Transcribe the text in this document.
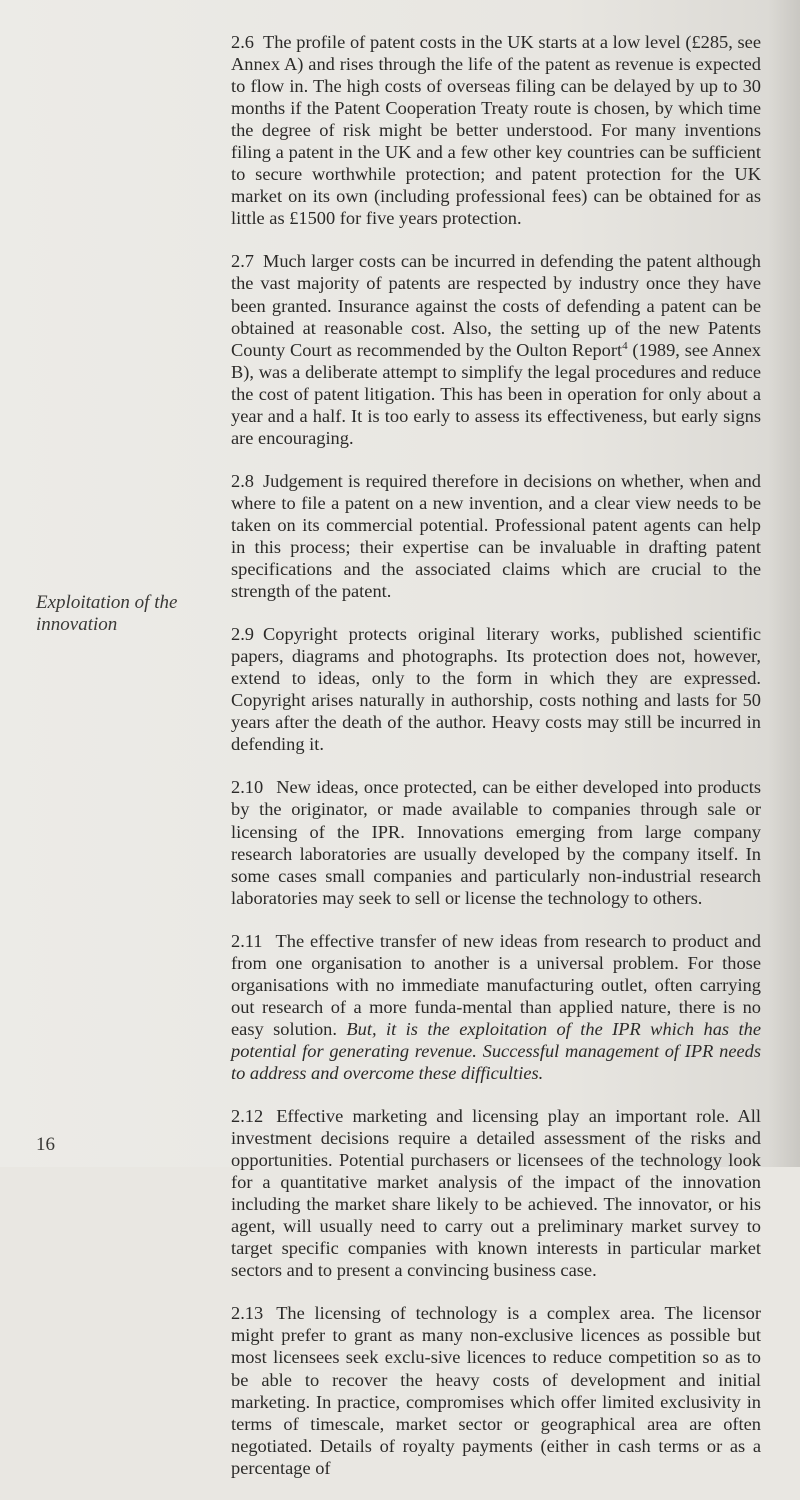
Exploitation of the
innovation

2.6 The profile of patent costs in the UK starts at a low level (£285, see Annex A) and rises through the life of the patent as revenue is expected to flow in. The high costs of overseas filing can be delayed by up to 30 months if the Patent Cooperation Treaty route is chosen, by which time the degree of risk might be better understood. For many inventions filing a patent in the UK and a few other key countries can be sufficient to secure worthwhile protection; and patent protection for the UK market on its own (including professional fees) can be obtained for as little as £1500 for five years protection.

2.7 Much larger costs can be incurred in defending the patent although the vast majority of patents are respected by industry once they have been granted. Insurance against the costs of defending a patent can be obtained at reasonable cost. Also, the setting up of the new Patents County Court as recommended by the Oulton Report$^4$ (1989, see Annex B), was a deliberate attempt to simplify the legal procedures and reduce the cost of patent litigation. This has been in operation for only about a year and a half. It is too early to assess its effectiveness, but early signs are encouraging.

2.8 Judgement is required therefore in decisions on whether, when and where to file a patent on a new invention, and a clear view needs to be taken on its commercial potential. Professional patent agents can help in this process; their expertise can be invaluable in drafting patent specifications and the associated claims which are crucial to the strength of the patent.

2.9 Copyright protects original literary works, published scientific papers, diagrams and photographs. Its protection does not, however, extend to ideas, only to the form in which they are expressed. Copyright arises naturally in authorship, costs nothing and lasts for 50 years after the death of the author. Heavy costs may still be incurred in defending it.

2.10 New ideas, once protected, can be either developed into products by the originator, or made available to companies through sale or licensing of the IPR. Innovations emerging from large company research laboratories are usually developed by the company itself. In some cases small companies and particularly non-industrial research laboratories may seek to sell or license the technology to others.

2.11 The effective transfer of new ideas from research to product and from one organisation to another is a universal problem. For those organisations with no immediate manufacturing outlet, often carrying out research of a more funda-mental than applied nature, there is no easy solution. But, it is the exploitation of the IPR which has the potential for generating revenue. Successful management of IPR needs to address and overcome these difficulties.

2.12 Effective marketing and licensing play an important role. All investment decisions require a detailed assessment of the risks and opportunities. Potential purchasers or licensees of the technology look for a quantitative market analysis of the impact of the innovation including the market share likely to be achieved. The innovator, or his agent, will usually need to carry out a preliminary market survey to target specific companies with known interests in particular market sectors and to present a convincing business case.

2.13 The licensing of technology is a complex area. The licensor might prefer to grant as many non-exclusive licences as possible but most licensees seek exclu-sive licences to reduce competition so as to be able to recover the heavy costs of development and initial marketing. In practice, compromises which offer limited exclusivity in terms of timescale, market sector or geographical area are often negotiated. Details of royalty payments (either in cash terms or as a percentage of

16
